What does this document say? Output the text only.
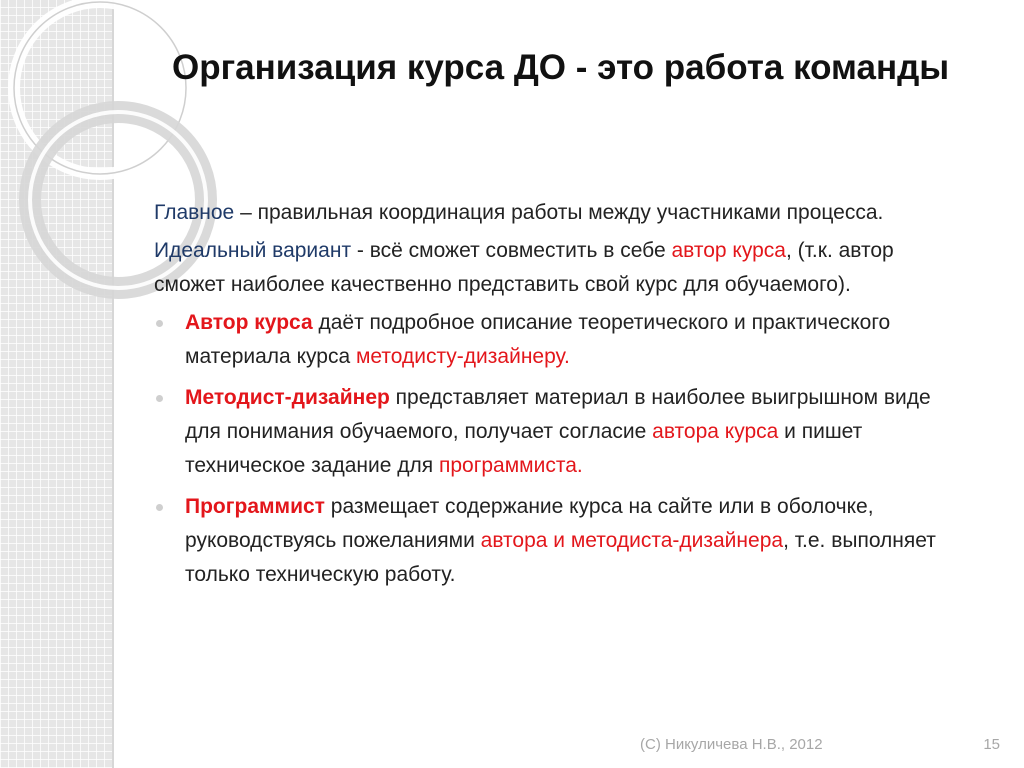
Организация курса ДО - это работа команды

Главное – правильная координация работы между участниками процесса.

Идеальный вариант - всё сможет совместить в себе автор курса, (т.к. автор сможет наиболее качественно представить свой курс для обучаемого).

Автор курса даёт подробное описание теоретического и практического материала курса методисту-дизайнеру.
Методист-дизайнер представляет материал в наиболее выигрышном виде для понимания обучаемого, получает согласие автора курса и пишет техническое задание для программиста.
Программист размещает содержание курса на сайте или в оболочке, руководствуясь пожеланиями автора и методиста-дизайнера, т.е. выполняет только техническую работу.
(С) Никуличева Н.В., 2012	15
